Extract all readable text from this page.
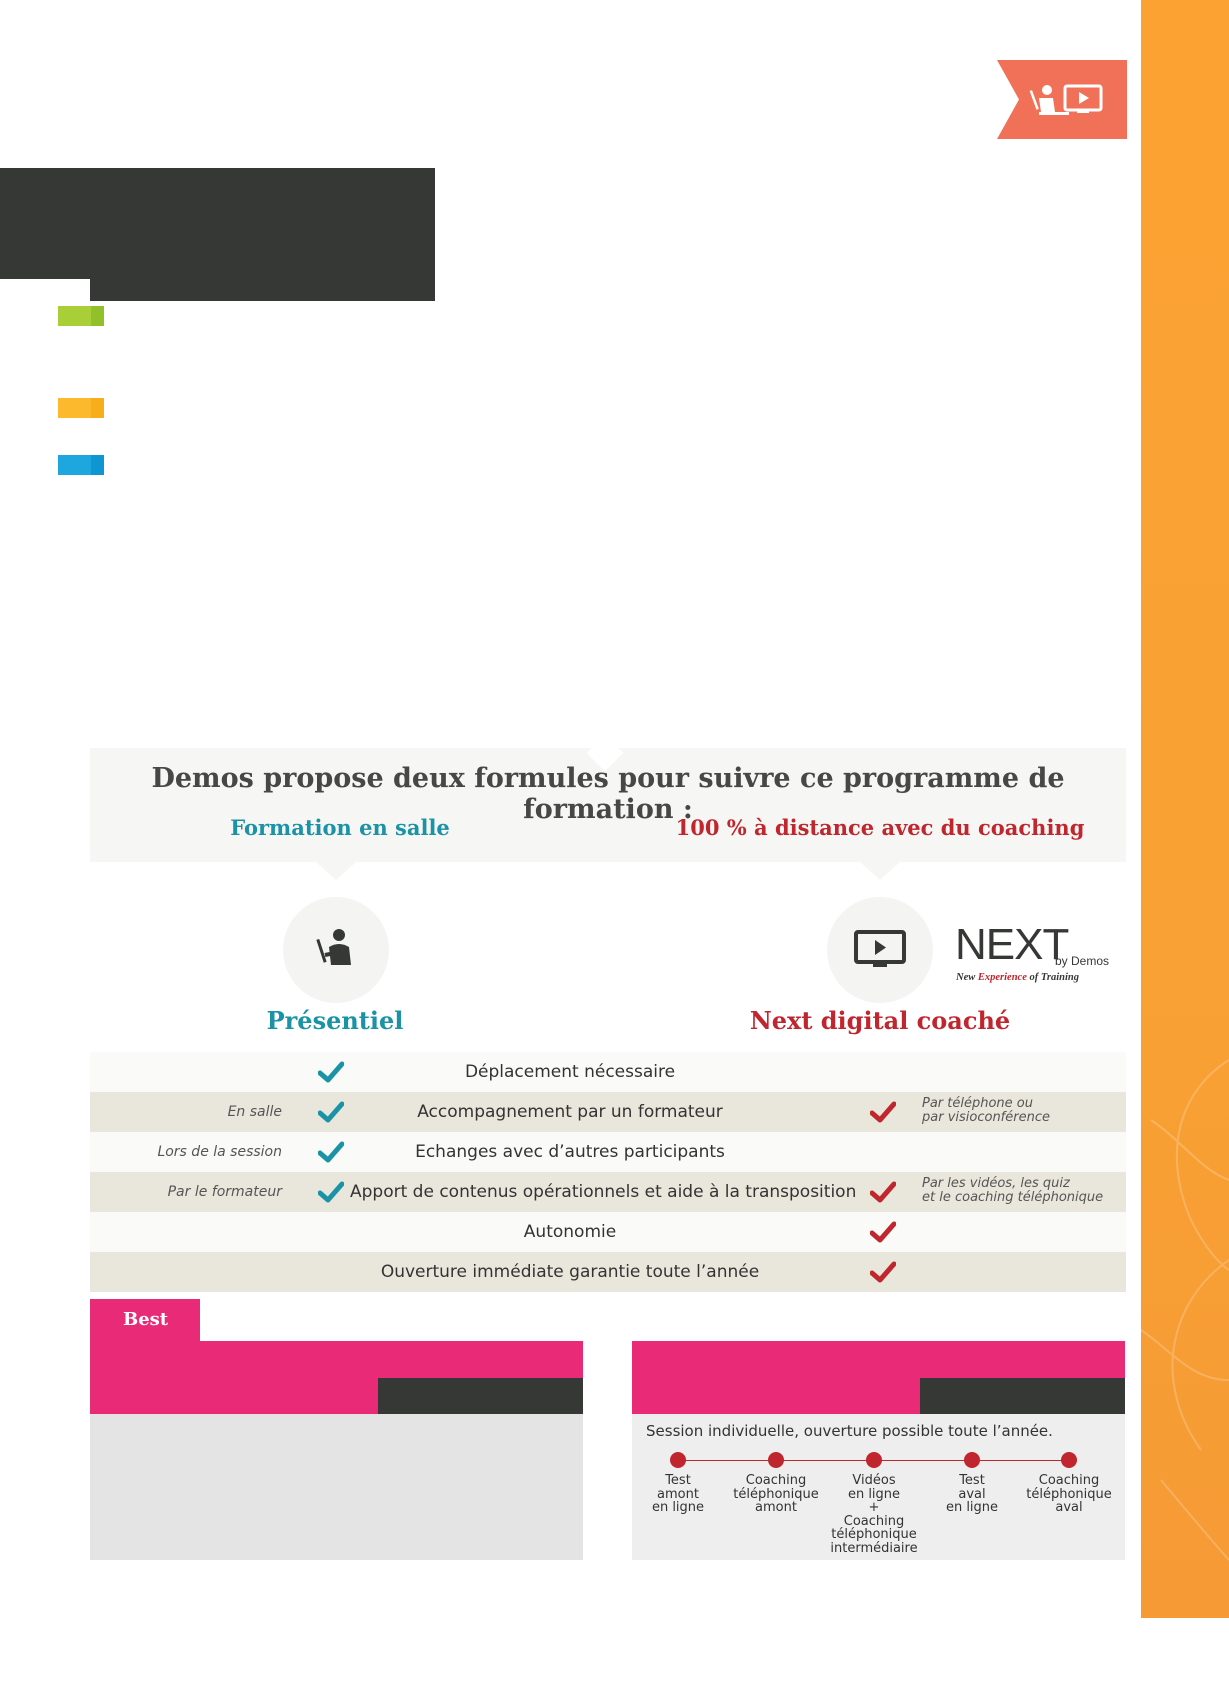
Demos propose deux formules pour suivre ce programme de formation :
Formation en salle	100 % à distance avec du coaching
NEXT
by Demos
New Experience of Training
Présentiel	Next digital coaché
Déplacement nécessaire
En salle	Accompagnement par un formateur	Par téléphone ou
par visioconférence
Lors de la session	Echanges avec d’autres participants
Par le formateur	Apport de contenus opérationnels et aide à la transposition	Par les vidéos, les quiz
et le coaching téléphonique
Autonomie
Ouverture immédiate garantie toute l’année
Best
Session individuelle, ouverture possible toute l’année.
Test
amont
en ligne
Coaching
téléphonique
amont
Vidéos
en ligne
+
Coaching
téléphonique
intermédiaire
Test
aval
en ligne
Coaching
téléphonique
aval
